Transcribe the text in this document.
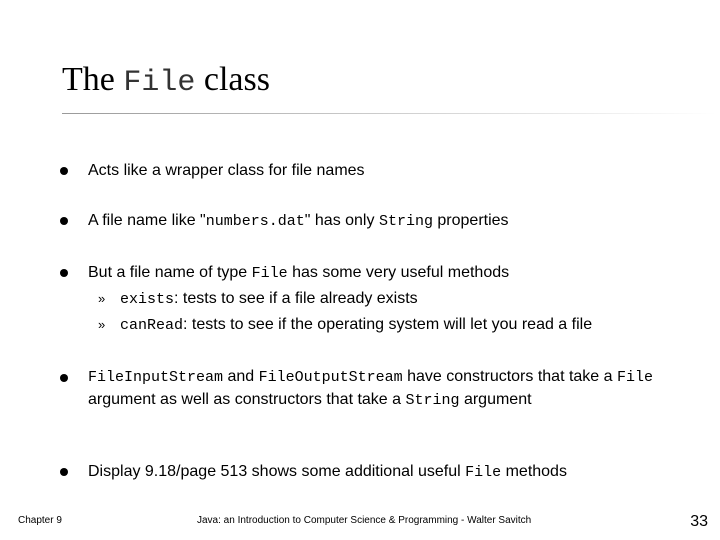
The File class

Acts like a wrapper class for file names

A file name like "numbers.dat" has only String properties

But a file name of type File has some very useful methods

» exists: tests to see if a file already exists
» canRead: tests to see if the operating system will let you read a file

FileInputStream and FileOutputStream have constructors that take a File argument as well as constructors that take a String argument

Display 9.18/page 513 shows some additional useful File methods

Chapter 9	Java: an Introduction to Computer Science & Programming - Walter Savitch	33
